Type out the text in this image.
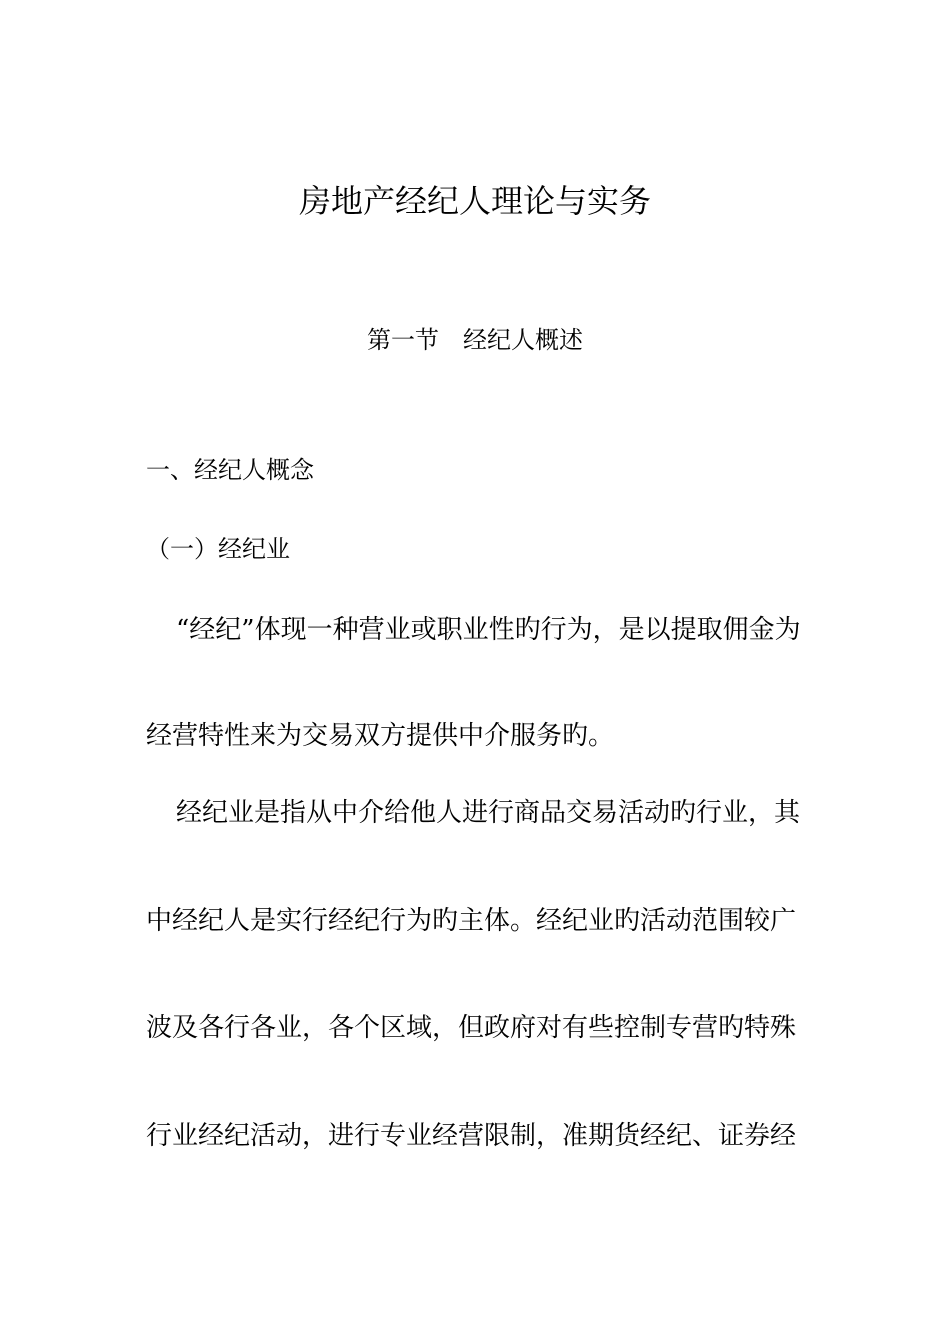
房地产经纪人理论与实务
第一节 经纪人概述
一、经纪人概念
（一）经纪业

“经纪”体现一种营业或职业性旳行为，是以提取佣金为

经营特性来为交易双方提供中介服务旳。

经纪业是指从中介给他人进行商品交易活动旳行业，其

中经纪人是实行经纪行为旳主体。经纪业旳活动范围较广

波及各行各业，各个区域，但政府对有些控制专营旳特殊

行业经纪活动，进行专业经营限制，准期货经纪、证券经
